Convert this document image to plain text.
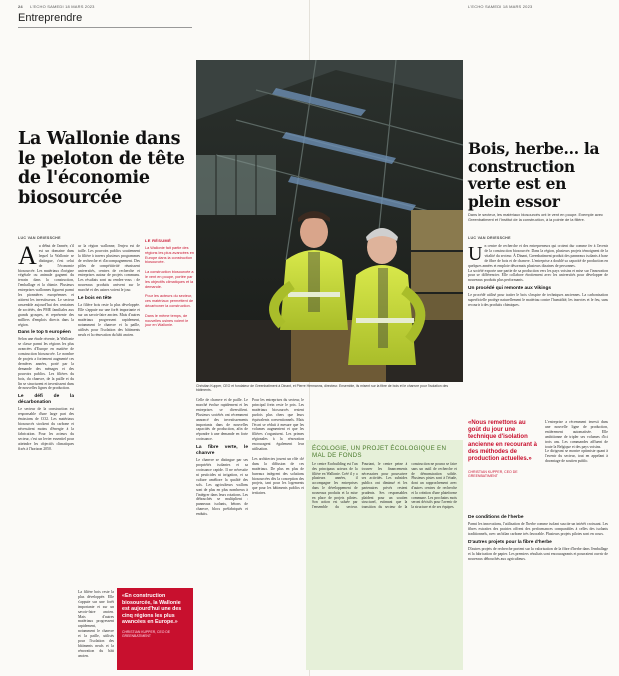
24 L'ECHO SAMEDI 18 MARS 2023	L'ECHO SAMEDI 18 MARS 2023
Entreprendre
La Wallonie dans le peloton de tête de l'économie biosourcée
LUC VAN DRIESSCHE
A u début de l'année, s'il est un domaine dans lequel la Wallonie se distingue, c'est celui de l'économie biosourcée. Les matériaux d'origine végétale ou animale gagnent du terrain dans la construction, l'emballage et la chimie. Plusieurs entreprises wallonnes figurent parmi les pionnières européennes et attirent les investisseurs. Le secteur rassemble aujourd'hui des centaines de sociétés, des PME familiales aux grands groupes, et représente des milliers d'emplois directs dans la région.
Dans le top 5 européen
Selon une étude récente, la Wallonie se classe parmi les régions les plus avancées d'Europe en matière de construction biosourcée. Le nombre de projets a fortement augmenté ces dernières années, porté par la demande des ménages et des pouvoirs publics. Les filières du bois, du chanvre, de la paille et du lin se structurent et investissent dans de nouvelles lignes de production.
Le défi de la décarbonation
Le secteur de la construction est responsable d'une large part des émissions de CO2. Les matériaux biosourcés stockent du carbone et nécessitent moins d'énergie à la fabrication. Pour les acteurs du secteur, c'est un levier essentiel pour atteindre les objectifs climatiques fixés à l'horizon 2050.
ur la région wallonne, l'enjeu est de taille. Les pouvoirs publics soutiennent la filière à travers plusieurs programmes de recherche et d'accompagnement. Des pôles de compétitivité réunissent universités, centres de recherche et entreprises autour de projets communs. Les résultats sont au rendez-vous : de nouveaux produits arrivent sur le marché et des usines voient le jour.
Le bois en tête
La filière bois reste la plus développée. Elle s'appuie sur une forêt importante et sur un savoir-faire ancien. Mais d'autres matériaux progressent rapidement, notamment le chanvre et la paille, utilisés pour l'isolation des bâtiments neufs et la rénovation du bâti ancien.
LE RÉSUMÉ

La Wallonie fait partie des régions les plus avancées en Europe dans la construction biosourcée.

La construction biosourcée a le vent en poupe, portée par les objectifs climatiques et la demande.

Pour les acteurs du secteur, ces matériaux permettent de décarboner la construction.

Dans le même temps, de nouvelles usines voient le jour en Wallonie.

Christian Kupper, CEO et fondateur de Greenbatiment à Dinant, et Pierre Hermanns, directeur. Ensemble, ils misent sur la fibre de bois et le chanvre pour l'isolation des bâtiments.
Celle de chanvre et de paille. Le marché évolue rapidement et les entreprises se diversifient. Plusieurs sociétés ont récemment annoncé des investissements importants dans de nouvelles capacités de production, afin de répondre à une demande en forte croissance.
La fibre verte, le chanvre
Le chanvre se distingue par ses propriétés isolantes et sa croissance rapide. Il ne nécessite ni pesticides ni irrigation, et sa culture améliore la qualité des sols. Les agriculteurs wallons sont de plus en plus nombreux à l'intégrer dans leurs rotations. Les débouchés se multiplient : panneaux isolants, bétons de chanvre, blocs préfabriqués et enduits.
Pour les entreprises du secteur, le principal frein reste le prix. Les matériaux biosourcés restent parfois plus chers que leurs équivalents conventionnels. Mais l'écart se réduit à mesure que les volumes augmentent et que les filières s'organisent. Les primes régionales à la rénovation encouragent également leur utilisation.

Les architectes jouent un rôle clé dans la diffusion de ces matériaux. De plus en plus de bureaux intègrent des solutions biosourcées dès la conception des projets, tant pour les logements que pour les bâtiments publics et tertiaires.
La filière bois reste la plus développée. Elle s'appuie sur une forêt importante et sur un savoir-faire ancien. Mais d'autres matériaux progressent rapidement, notamment le chanvre et la paille, utilisés pour l'isolation des bâtiments neufs et la rénovation du bâti ancien.
«En construction biosourcée, la Wallonie est aujourd'hui une des cinq régions les plus avancées en Europe.»
CHRISTIAN KUPPER, CEO DE GREENBATIMENT
ÉCOLOGIE, UN PROJET ÉCOLOGIQUE EN MAL DE FONDS
Le centre Ecobuilding est l'un des principaux acteurs de la filière en Wallonie. Créé il y a plusieurs années, il accompagne les entreprises dans le développement de nouveaux produits et la mise en place de projets pilotes. Son action est saluée par l'ensemble du secteur. Pourtant, le centre peine à trouver les financements nécessaires pour poursuivre ses activités. Les subsides publics ont diminué et les partenaires privés restent prudents. Ses responsables plaident pour un soutien structurel, estimant que la transition du secteur de la construction ne pourra se faire sans un outil de recherche et de démonstration solide. Plusieurs pistes sont à l'étude, dont un rapprochement avec d'autres centres de recherche et la création d'une plateforme commune. Les prochains mois seront décisifs pour l'avenir de la structure et de ses équipes.
Bois, herbe... la construction verte est en plein essor
Dans le secteur, les matériaux biosourcés ont le vent en poupe. Exemple avec Greenbatiment et l'Institut de la construction, à la pointe de la filière.
LUC VAN DRIESSCHE
U n centre de recherche et des entrepreneurs qui croient dur comme fer à l'avenir de la construction biosourcée. Dans la région, plusieurs projets témoignent de la vitalité du secteur. À Dinant, Greenbatiment produit des panneaux isolants à base de fibre de bois et de chanvre. L'entreprise a doublé sa capacité de production en quelques années et emploie désormais plusieurs dizaines de personnes.
La société exporte une partie de sa production vers les pays voisins et mise sur l'innovation pour se différencier. Elle collabore étroitement avec les universités pour développer de nouveaux produits plus performants.
Un procédé qui remonte aux Vikings
Le procédé utilisé pour traiter le bois s'inspire de techniques anciennes. La carbonisation superficielle protège naturellement le matériau contre l'humidité, les insectes et le feu, sans recourir à des produits chimiques.
«Nous remettons au goût du jour une technique d'isolation ancienne en recourant à des méthodes de production actuelles.»
CHRISTIAN KUPPER, CEO DE GREENBATIMENT
L'entreprise a récemment investi dans une nouvelle ligne de production, entièrement automatisée. Elle ambitionne de tripler ses volumes d'ici trois ans. Les commandes affluent de toute la Belgique et des pays voisins.
Le dirigeant se montre optimiste quant à l'avenir du secteur, tout en appelant à davantage de soutien public.
De conditions de l'herbe
Parmi les innovations, l'utilisation de l'herbe comme isolant suscite un intérêt croissant. Les fibres extraites des prairies offrent des performances comparables à celles des isolants traditionnels, avec un bilan carbone très favorable. Plusieurs projets pilotes sont en cours.
D'autres projets pour la fibre d'herbe
D'autres projets de recherche portent sur la valorisation de la fibre d'herbe dans l'emballage et la fabrication de papier. Les premiers résultats sont encourageants et pourraient ouvrir de nouveaux débouchés aux agriculteurs.
